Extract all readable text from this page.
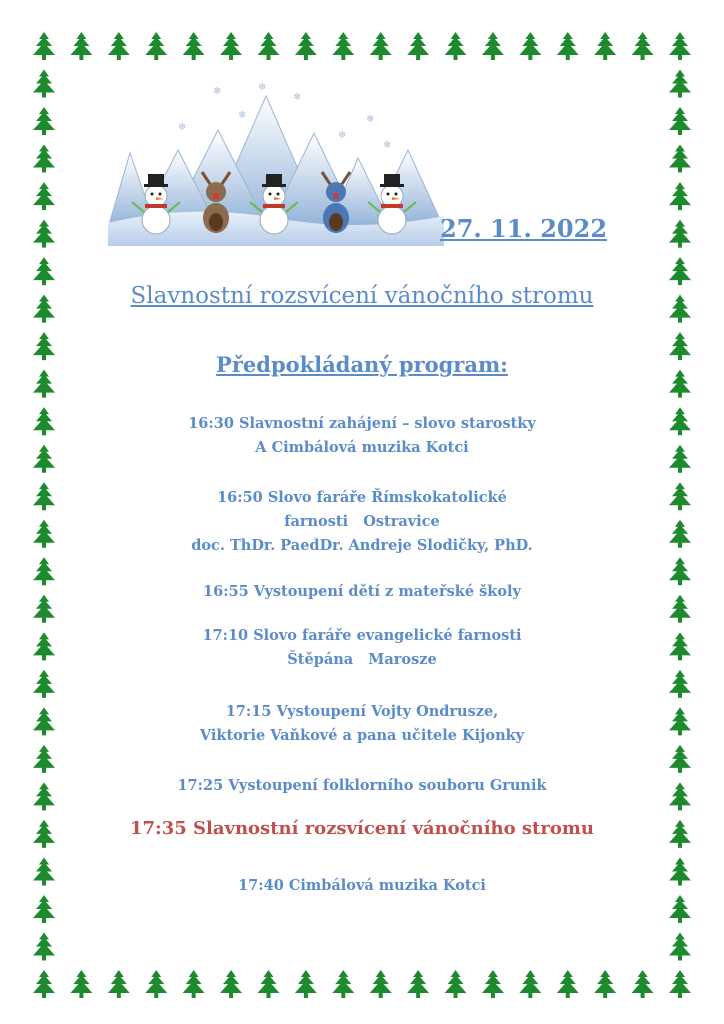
❄
❄
❄
❄
❄
❄
❄
❄
27. 11. 2022
Slavnostní rozsvícení vánočního stromu
Předpokládaný program:
16:30 Slavnostní zahájení – slovo starostky
A Cimbálová muzika Kotci
16:50 Slovo faráře Římskokatolické
farnosti   Ostravice
doc. ThDr. PaedDr. Andreje Slodičky, PhD.
16:55 Vystoupení dětí z mateřské školy
17:10 Slovo faráře evangelické farnosti
Štěpána   Marosze
17:15 Vystoupení Vojty Ondrusze,
Viktorie Vaňkové a pana učitele Kijonky
17:25 Vystoupení folklorního souboru Grunik
17:35 Slavnostní rozsvícení vánočního stromu
17:40 Cimbálová muzika Kotci
